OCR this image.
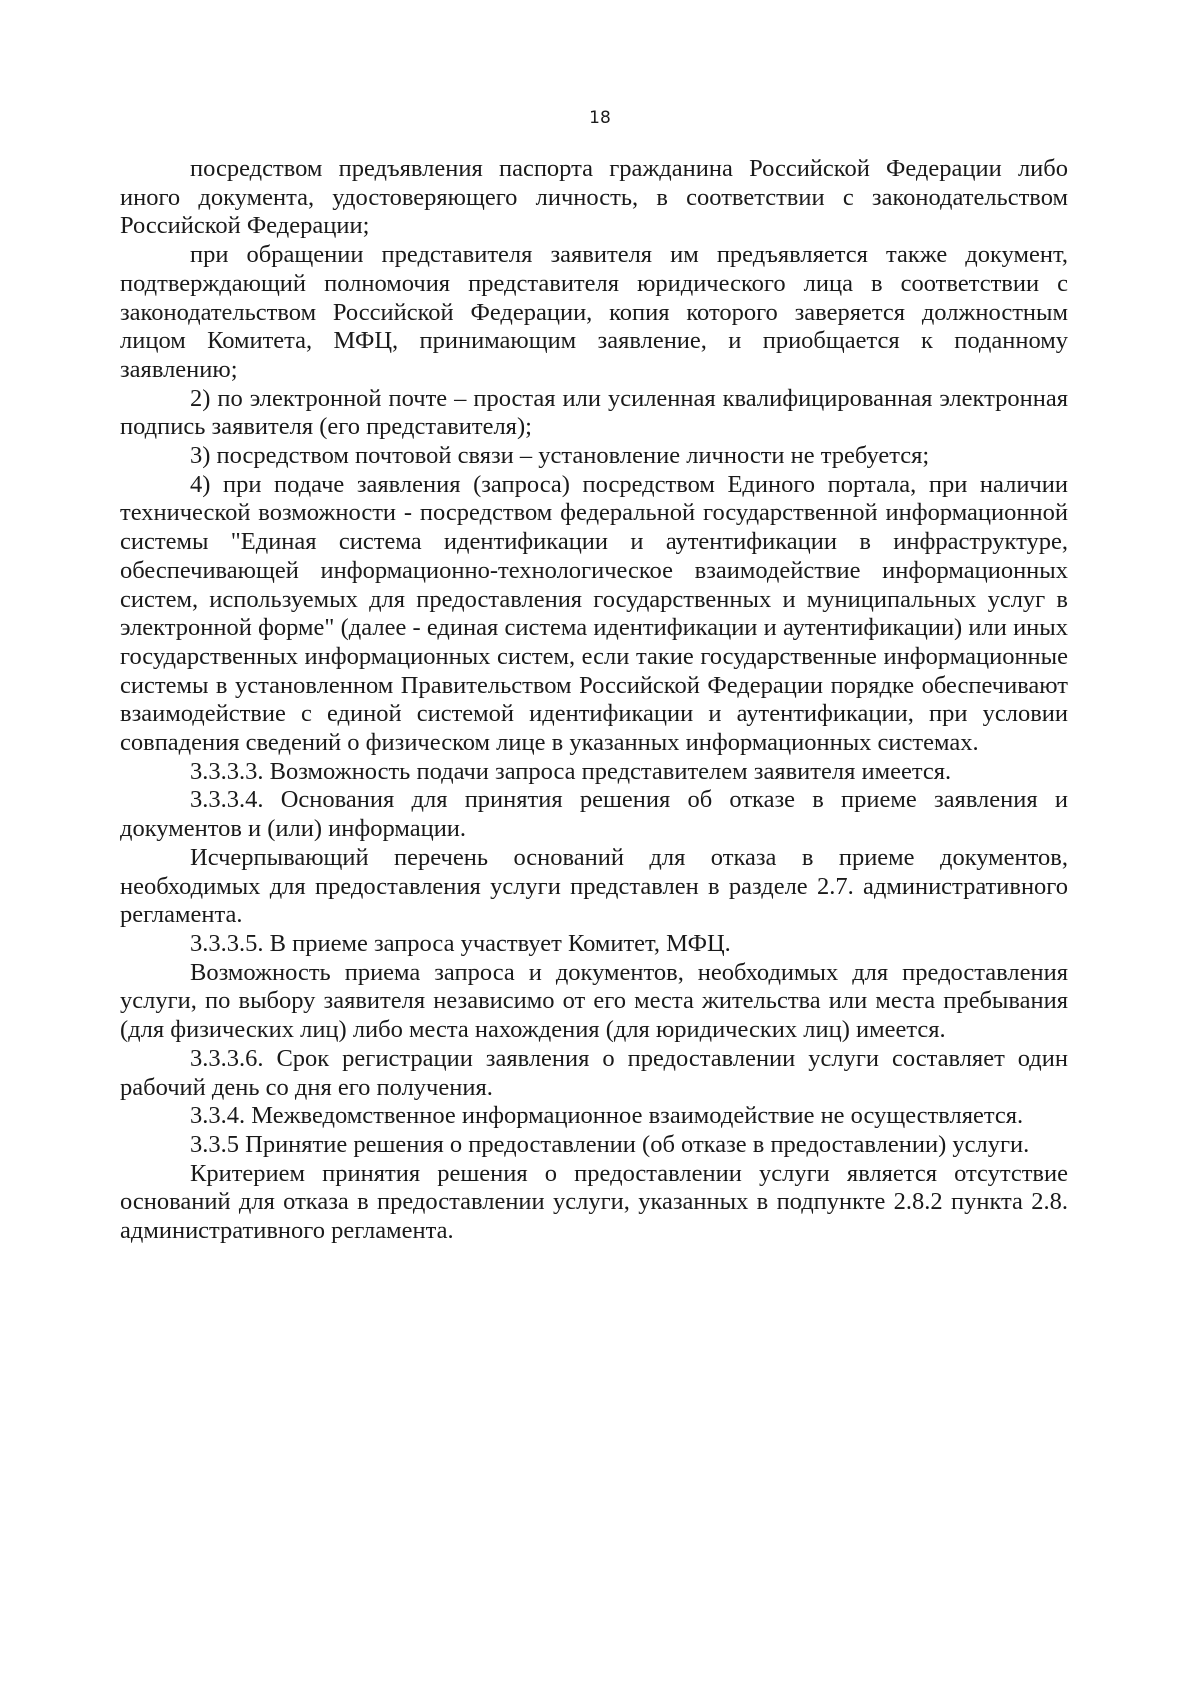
18

посредством предъявления паспорта гражданина Российской Федерации либо иного документа, удостоверяющего личность, в соответствии с законодательством Российской Федерации;

при обращении представителя заявителя им предъявляется также документ, подтверждающий полномочия представителя юридического лица в соответствии с законодательством Российской Федерации, копия которого заверяется должностным лицом Комитета, МФЦ, принимающим заявление, и приобщается к поданному заявлению;

2) по электронной почте – простая или усиленная квалифицированная электронная подпись заявителя (его представителя);

3) посредством почтовой связи – установление личности не требуется;

4) при подаче заявления (запроса) посредством Единого портала, при наличии технической возможности - посредством федеральной государственной информационной системы "Единая система идентификации и аутентификации в инфраструктуре, обеспечивающей информационно-технологическое взаимодействие информационных систем, используемых для предоставления государственных и муниципальных услуг в электронной форме" (далее - единая система идентификации и аутентификации) или иных государственных информационных систем, если такие государственные информационные системы в установленном Правительством Российской Федерации порядке обеспечивают взаимодействие с единой системой идентификации и аутентификации, при условии совпадения сведений о физическом лице в указанных информационных системах.

3.3.3.3. Возможность подачи запроса представителем заявителя имеется.

3.3.3.4. Основания для принятия решения об отказе в приеме заявления и документов и (или) информации.

Исчерпывающий перечень оснований для отказа в приеме документов, необходимых для предоставления услуги представлен в разделе 2.7. административного регламента.

3.3.3.5. В приеме запроса участвует Комитет, МФЦ.

Возможность приема запроса и документов, необходимых для предоставления услуги, по выбору заявителя независимо от его места жительства или места пребывания (для физических лиц) либо места нахождения (для юридических лиц) имеется.

3.3.3.6. Срок регистрации заявления о предоставлении услуги составляет один рабочий день со дня его получения.

3.3.4. Межведомственное информационное взаимодействие не осуществляется.

3.3.5 Принятие решения о предоставлении (об отказе в предоставлении) услуги.

Критерием принятия решения о предоставлении услуги является отсутствие оснований для отказа в предоставлении услуги, указанных в подпункте 2.8.2 пункта 2.8. административного регламента.
